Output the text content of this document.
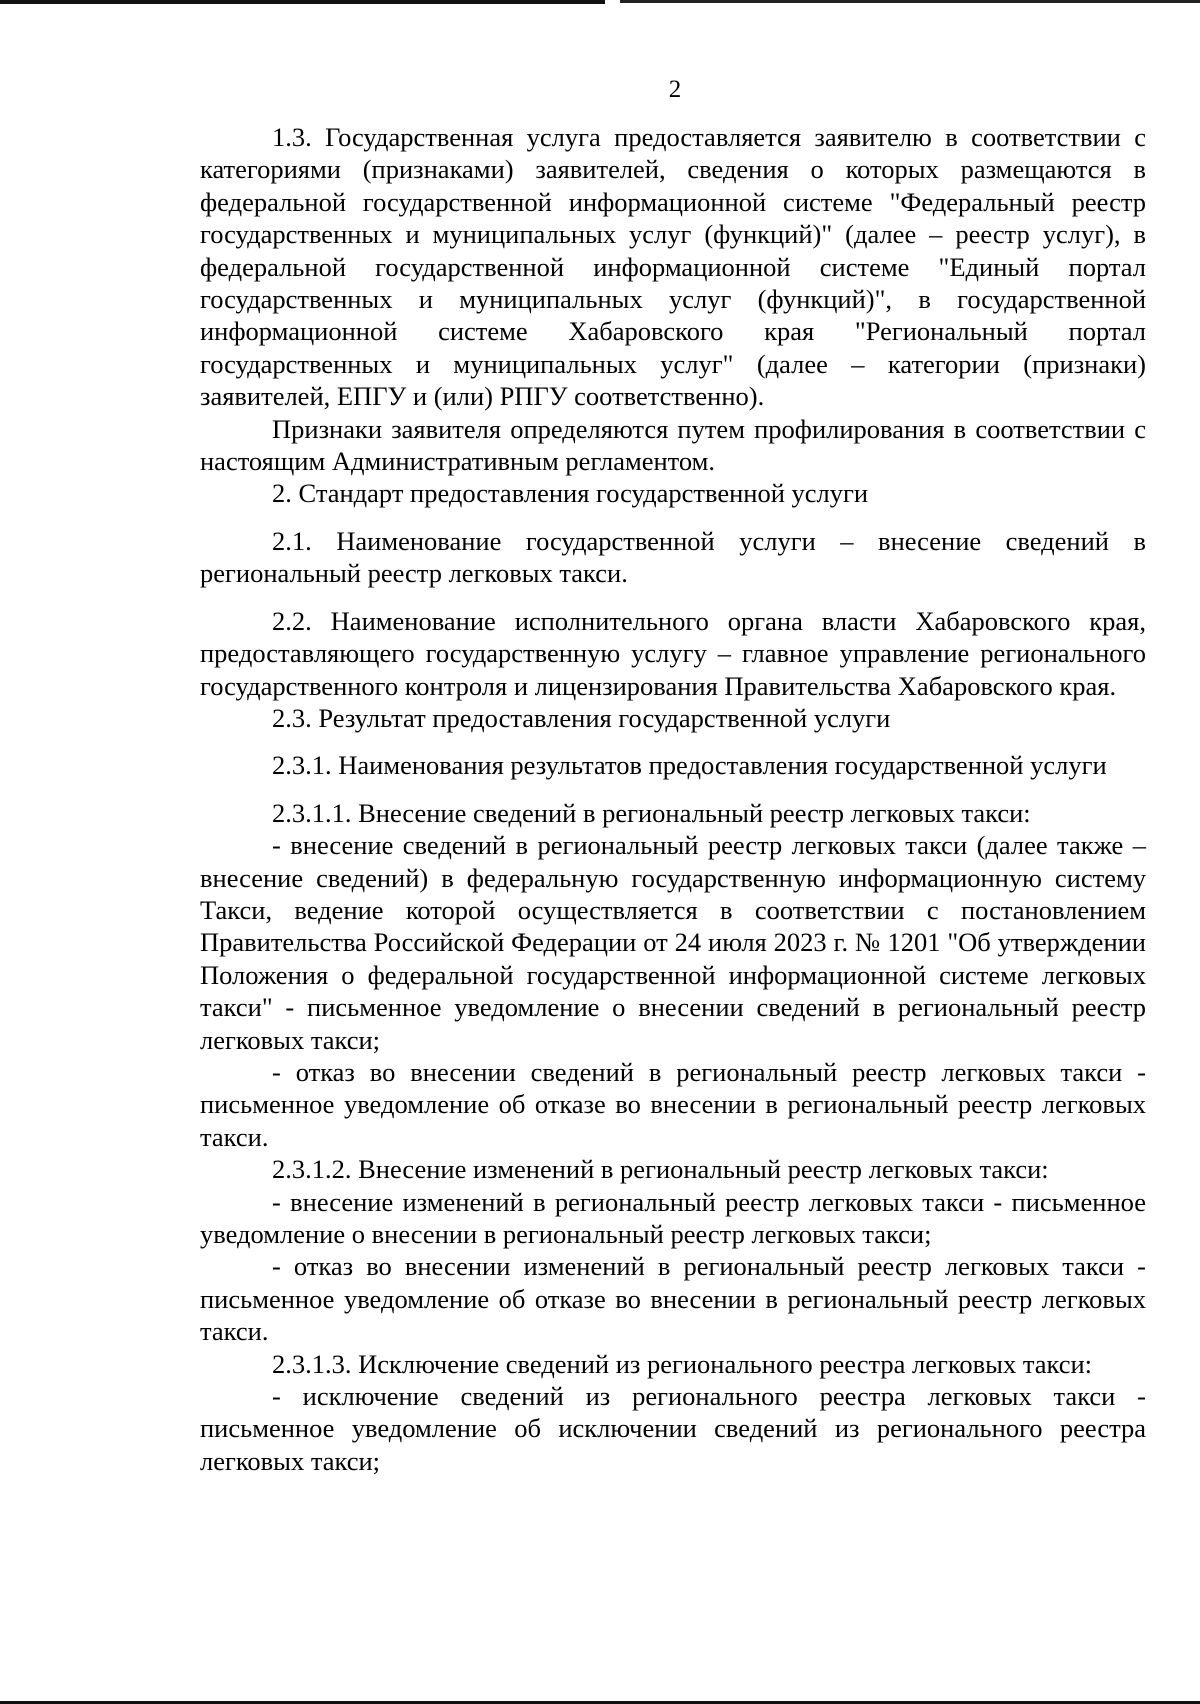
2

1.3. Государственная услуга предоставляется заявителю в соответствии с категориями (признаками) заявителей, сведения о которых размещаются в федеральной государственной информационной системе "Федеральный реестр государственных и муниципальных услуг (функций)" (далее – реестр услуг), в федеральной государственной информационной системе "Единый портал государственных и муниципальных услуг (функций)", в государственной информационной системе Хабаровского края "Региональный портал государственных и муниципальных услуг" (далее – категории (признаки) заявителей, ЕПГУ и (или) РПГУ соответственно).

Признаки заявителя определяются путем профилирования в соответствии с настоящим Административным регламентом.

2. Стандарт предоставления государственной услуги

2.1. Наименование государственной услуги – внесение сведений в региональный реестр легковых такси.

2.2. Наименование исполнительного органа власти Хабаровского края, предоставляющего государственную услугу – главное управление регионального государственного контроля и лицензирования Правительства Хабаровского края.

2.3. Результат предоставления государственной услуги

2.3.1. Наименования результатов предоставления государственной услуги

2.3.1.1. Внесение сведений в региональный реестр легковых такси:

- внесение сведений в региональный реестр легковых такси (далее также – внесение сведений) в федеральную государственную информационную систему Такси, ведение которой осуществляется в соответствии с постановлением Правительства Российской Федерации от 24 июля 2023 г. № 1201 "Об утверждении Положения о федеральной государственной информационной системе легковых такси" - письменное уведомление о внесении сведений в региональный реестр легковых такси;

- отказ во внесении сведений в региональный реестр легковых такси - письменное уведомление об отказе во внесении в региональный реестр легковых такси.

2.3.1.2. Внесение изменений в региональный реестр легковых такси:

- внесение изменений в региональный реестр легковых такси - письменное уведомление о внесении в региональный реестр легковых такси;

- отказ во внесении изменений в региональный реестр легковых такси - письменное уведомление об отказе во внесении в региональный реестр легковых такси.

2.3.1.3. Исключение сведений из регионального реестра легковых такси:

- исключение сведений из регионального реестра легковых такси - письменное уведомление об исключении сведений из регионального реестра легковых такси;
